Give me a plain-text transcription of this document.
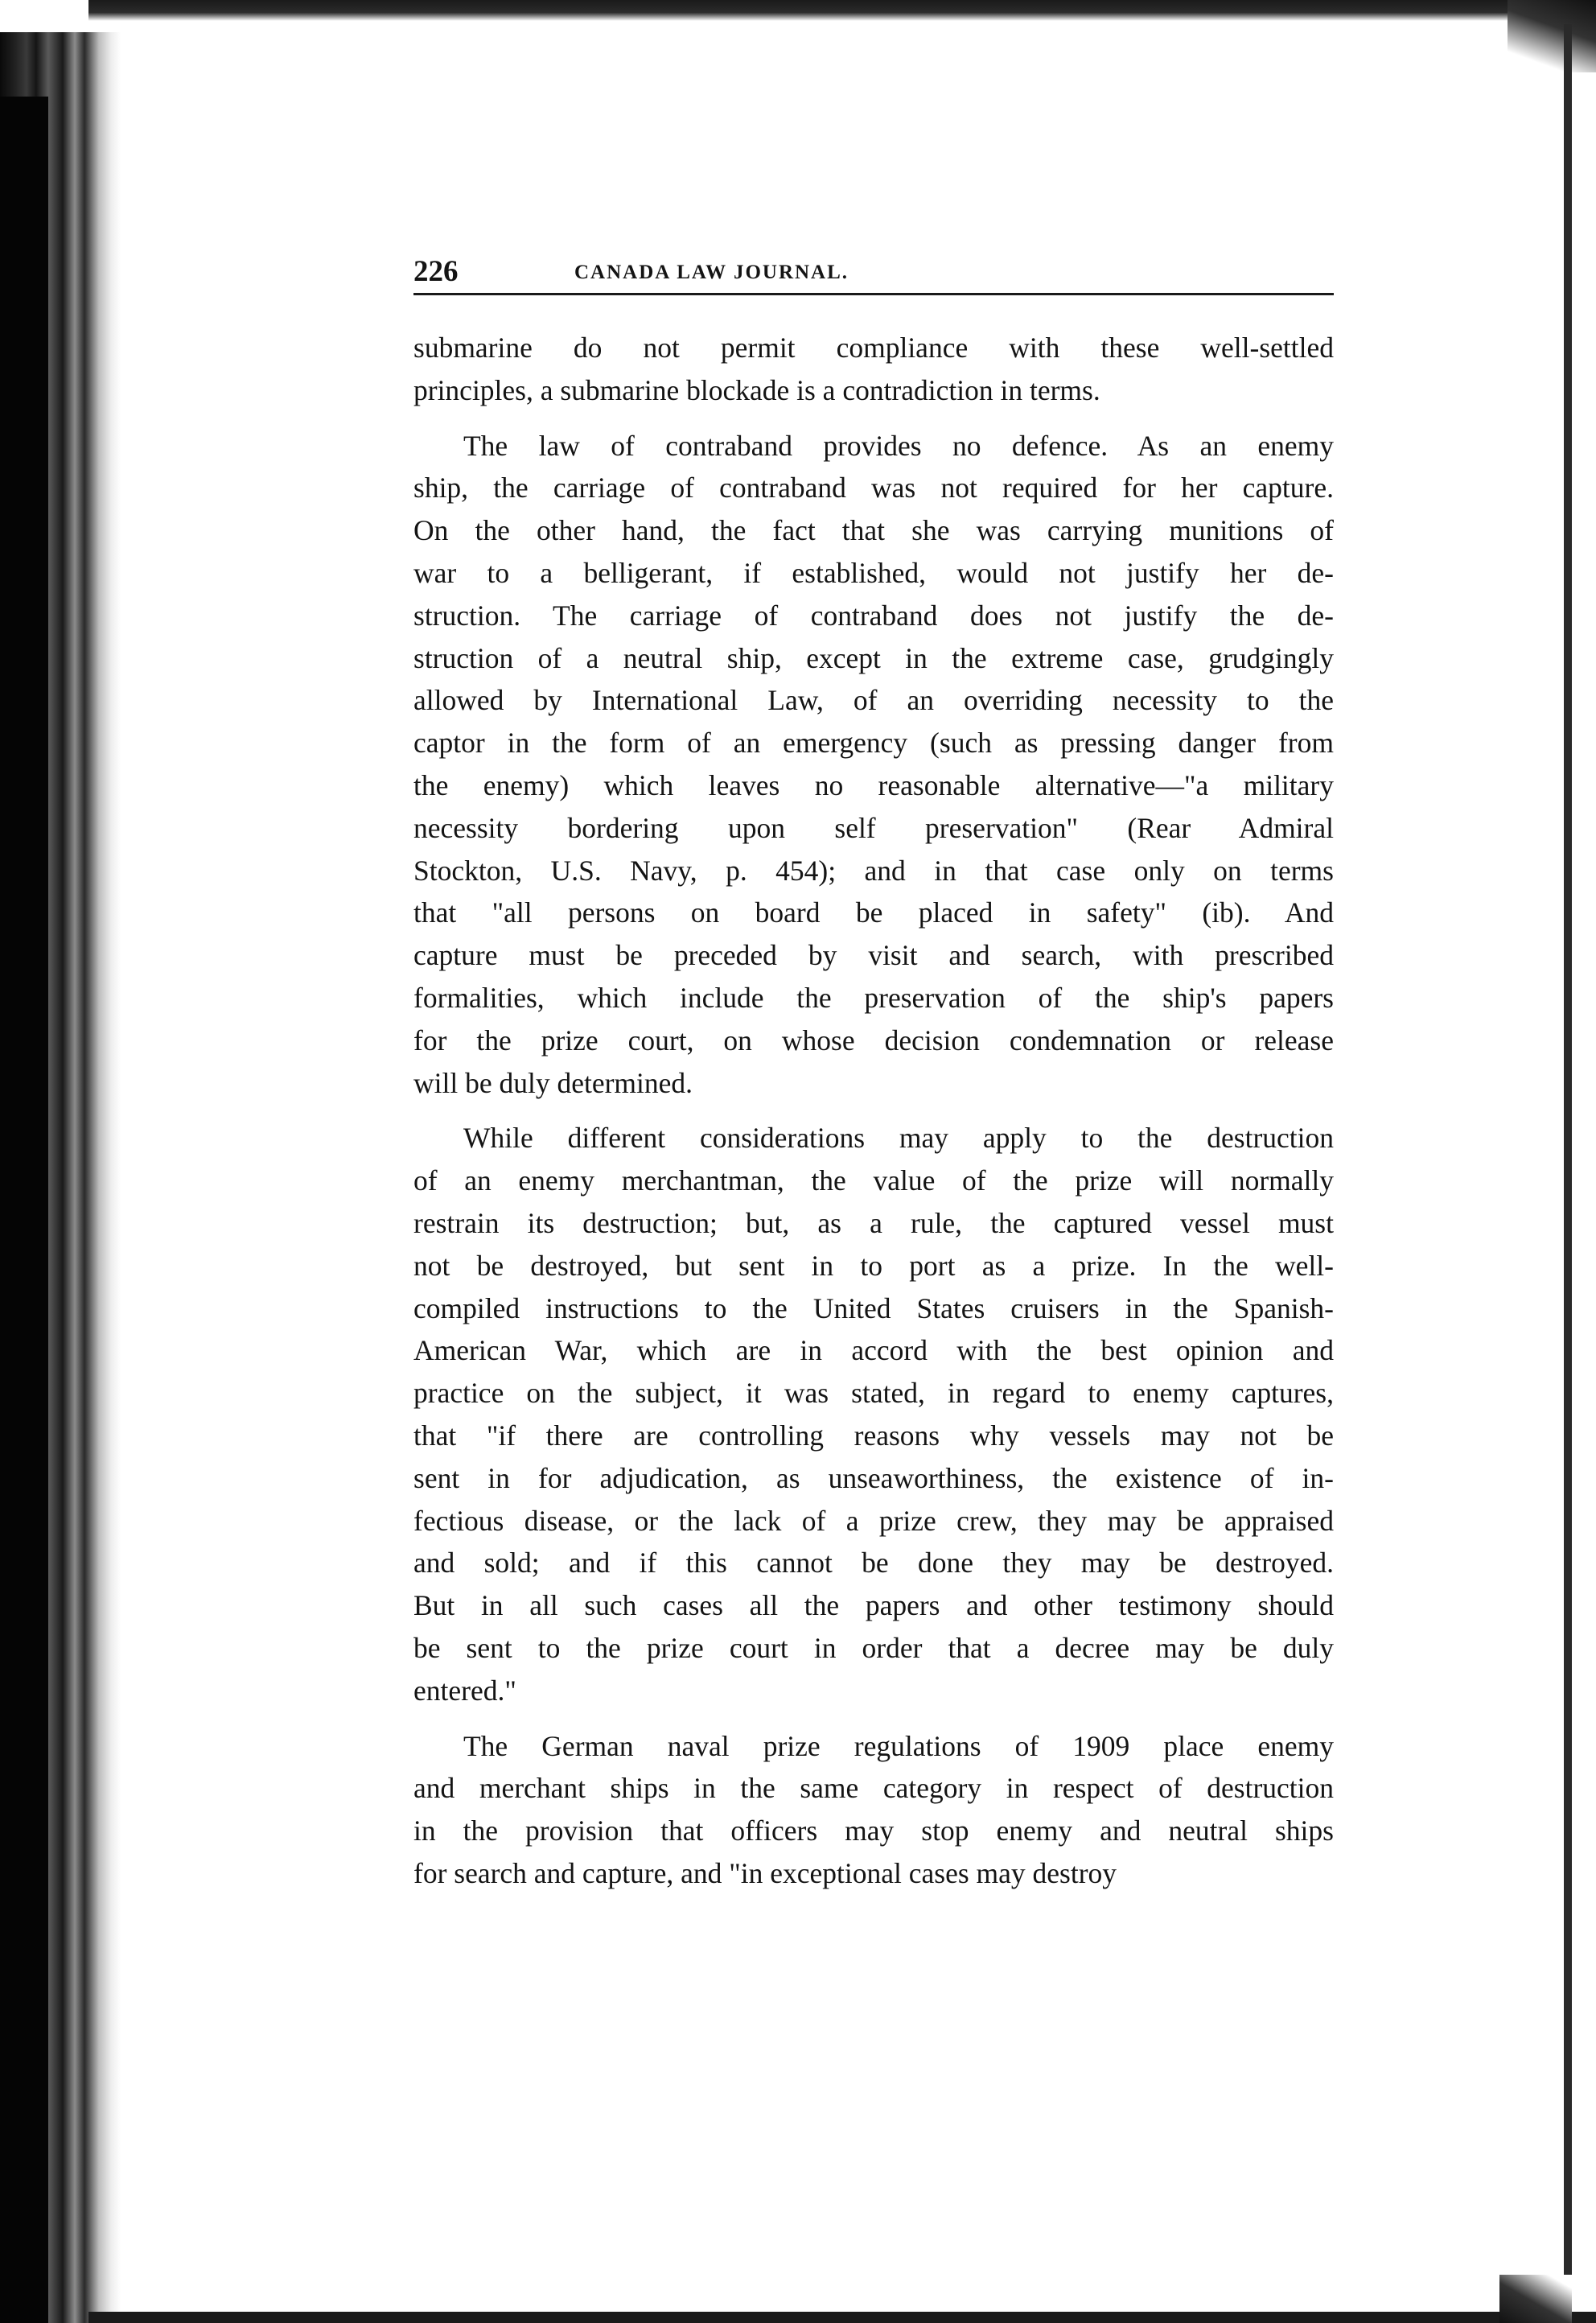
226	CANADA LAW JOURNAL.

submarine do not permit compliance with these well-settled
principles, a submarine blockade is a contradiction in terms.

The law of contraband provides no defence. As an enemy
ship, the carriage of contraband was not required for her capture.
On the other hand, the fact that she was carrying munitions of
war to a belligerant, if established, would not justify her de-
struction. The carriage of contraband does not justify the de-
struction of a neutral ship, except in the extreme case, grudgingly
allowed by International Law, of an overriding necessity to the
captor in the form of an emergency (such as pressing danger from
the enemy) which leaves no reasonable alternative—"a military
necessity bordering upon self preservation" (Rear Admiral
Stockton, U.S. Navy, p. 454); and in that case only on terms
that "all persons on board be placed in safety" (ib). And
capture must be preceded by visit and search, with prescribed
formalities, which include the preservation of the ship's papers
for the prize court, on whose decision condemnation or release
will be duly determined.

While different considerations may apply to the destruction
of an enemy merchantman, the value of the prize will normally
restrain its destruction; but, as a rule, the captured vessel must
not be destroyed, but sent in to port as a prize. In the well-
compiled instructions to the United States cruisers in the Spanish-
American War, which are in accord with the best opinion and
practice on the subject, it was stated, in regard to enemy captures,
that "if there are controlling reasons why vessels may not be
sent in for adjudication, as unseaworthiness, the existence of in-
fectious disease, or the lack of a prize crew, they may be appraised
and sold; and if this cannot be done they may be destroyed.
But in all such cases all the papers and other testimony should
be sent to the prize court in order that a decree may be duly
entered."

The German naval prize regulations of 1909 place enemy
and merchant ships in the same category in respect of destruction
in the provision that officers may stop enemy and neutral ships
for search and capture, and "in exceptional cases may destroy
